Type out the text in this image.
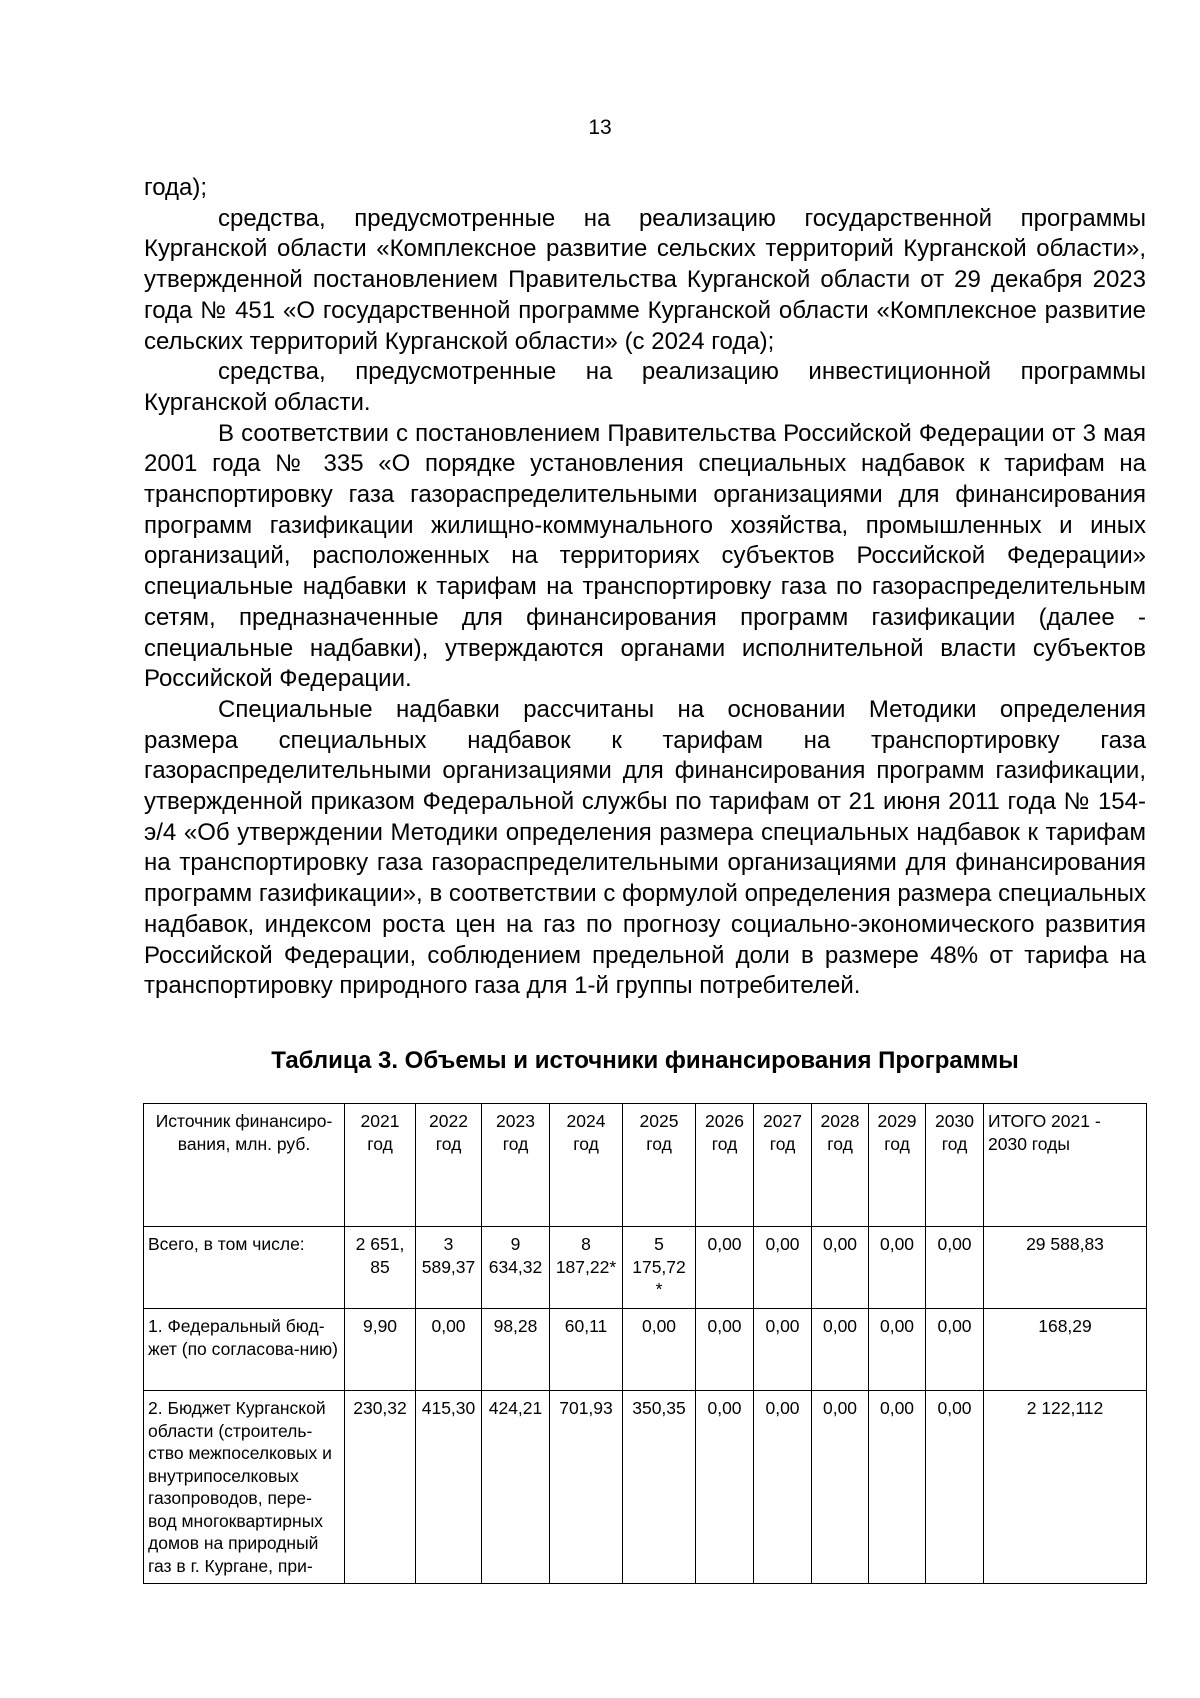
13

года);

средства, предусмотренные на реализацию государственной программы Курганской области «Комплексное развитие сельских территорий Курганской области», утвержденной постановлением Правительства Курганской области от 29 декабря 2023 года № 451 «О государственной программе Курганской области «Комплексное развитие сельских территорий Курганской области» (с 2024 года);

средства, предусмотренные на реализацию инвестиционной программы Курганской области.

В соответствии с постановлением Правительства Российской Федерации от 3 мая 2001 года № 335 «О порядке установления специальных надбавок к тарифам на транспортировку газа газораспределительными организациями для финансирования программ газификации жилищно-коммунального хозяйства, промышленных и иных организаций, расположенных на территориях субъектов Российской Федерации» специальные надбавки к тарифам на транспортировку газа по газораспределительным сетям, предназначенные для финансирования программ газификации (далее - специальные надбавки), утверждаются органами исполнительной власти субъектов Российской Федерации.

Специальные надбавки рассчитаны на основании Методики определения размера специальных надбавок к тарифам на транспортировку газа газораспределительными организациями для финансирования программ газификации, утвержденной приказом Федеральной службы по тарифам от 21 июня 2011 года № 154-э/4 «Об утверждении Методики определения размера специальных надбавок к тарифам на транспортировку газа газораспределительными организациями для финансирования программ газификации», в соответствии с формулой определения размера специальных надбавок, индексом роста цен на газ по прогнозу социально-экономического развития Российской Федерации, соблюдением предельной доли в размере 48% от тарифа на транспортировку природного газа для 1-й группы потребителей.

Таблица 3. Объемы и источники финансирования Программы
Источник финансиро-вания, млн. руб.	2021 год	2022 год	2023 год	2024 год	2025 год	2026 год	2027 год	2028 год	2029 год	2030 год	ИТОГО 2021 - 2030 годы
Всего, в том числе:	2 651, 85	3 589,37	9 634,32	8 187,22*	5 175,72 *	0,00	0,00	0,00	0,00	0,00	29 588,83
1. Федеральный бюд-жет (по согласова-нию)	9,90	0,00	98,28	60,11	0,00	0,00	0,00	0,00	0,00	0,00	168,29
2. Бюджет Курганской области (строитель-ство межпоселковых и внутрипоселковых газопроводов, пере-вод многоквартирных домов на природный газ в г. Кургане, при-	230,32	415,30	424,21	701,93	350,35	0,00	0,00	0,00	0,00	0,00	2 122,112
